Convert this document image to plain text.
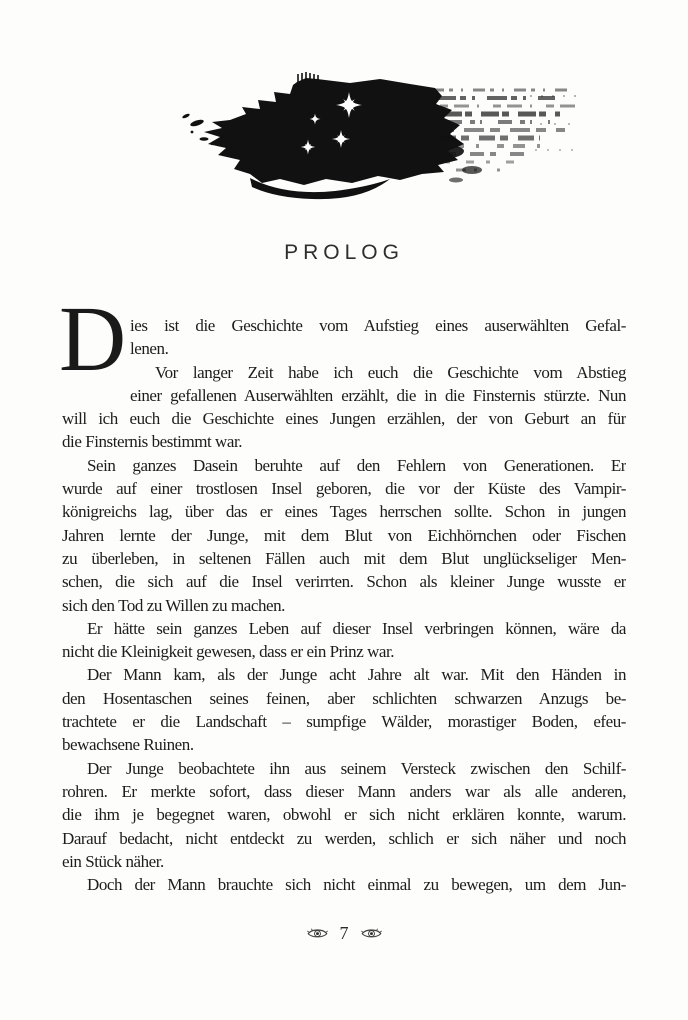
PROLOG
D ies ist die Geschichte vom Aufstieg eines auserwählten Gefal-
lenen.
Vor langer Zeit habe ich euch die Geschichte vom Abstieg
einer gefallenen Auserwählten erzählt, die in die Finsternis stürzte. Nun
will ich euch die Geschichte eines Jungen erzählen, der von Geburt an für
die Finsternis bestimmt war.
Sein ganzes Dasein beruhte auf den Fehlern von Generationen. Er
wurde auf einer trostlosen Insel geboren, die vor der Küste des Vampir-
königreichs lag, über das er eines Tages herrschen sollte. Schon in jungen
Jahren lernte der Junge, mit dem Blut von Eichhörnchen oder Fischen
zu überleben, in seltenen Fällen auch mit dem Blut unglückseliger Men-
schen, die sich auf die Insel verirrten. Schon als kleiner Junge wusste er
sich den Tod zu Willen zu machen.
Er hätte sein ganzes Leben auf dieser Insel verbringen können, wäre da
nicht die Kleinigkeit gewesen, dass er ein Prinz war.
Der Mann kam, als der Junge acht Jahre alt war. Mit den Händen in
den Hosentaschen seines feinen, aber schlichten schwarzen Anzugs be-
trachtete er die Landschaft – sumpfige Wälder, morastiger Boden, efeu-
bewachsene Ruinen.
Der Junge beobachtete ihn aus seinem Versteck zwischen den Schilf-
rohren. Er merkte sofort, dass dieser Mann anders war als alle anderen,
die ihm je begegnet waren, obwohl er sich nicht erklären konnte, warum.
Darauf bedacht, nicht entdeckt zu werden, schlich er sich näher und noch
ein Stück näher.
Doch der Mann brauchte sich nicht einmal zu bewegen, um dem Jun-
7
